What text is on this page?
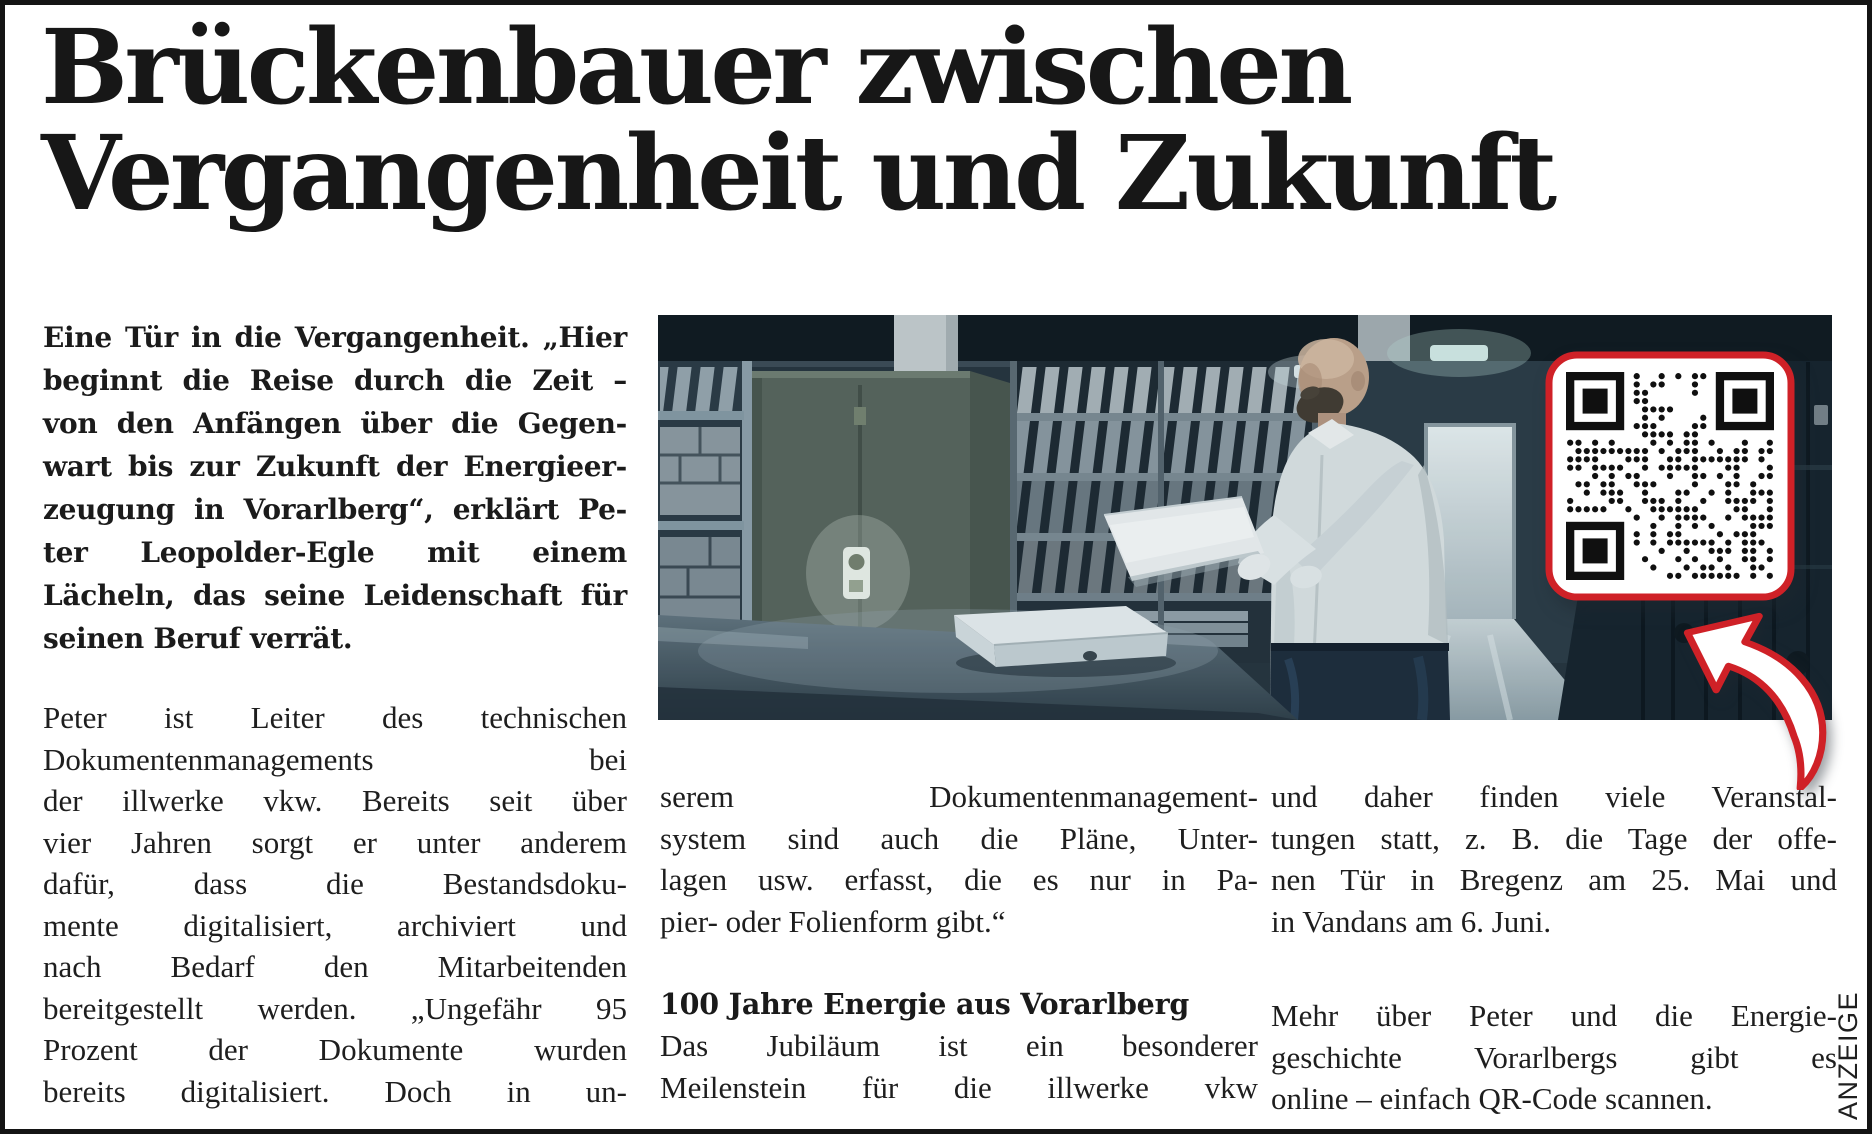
Brückenbauer zwischen
Vergangenheit und Zukunft
Eine Tür in die Vergangenheit. „Hier
beginnt die Reise durch die Zeit –
von den Anfängen über die Gegen-
wart bis zur Zukunft der Energieer-
zeugung in Vorarlberg“, erklärt Pe-
ter Leopolder-Egle mit einem
Lächeln, das seine Leidenschaft für
seinen Beruf verrät.
Peter ist Leiter des technischen
Dokumentenmanagements bei
der illwerke vkw. Bereits seit über
vier Jahren sorgt er unter anderem
dafür, dass die Bestandsdoku-
mente digitalisiert, archiviert und
nach Bedarf den Mitarbeitenden
bereitgestellt werden. „Ungefähr 95
Prozent der Dokumente wurden
bereits digitalisiert. Doch in un-
serem Dokumentenmanagement-
system sind auch die Pläne, Unter-
lagen usw. erfasst, die es nur in Pa-
pier- oder Folienform gibt.“
100 Jahre Energie aus Vorarlberg
Das Jubiläum ist ein besonderer
Meilenstein für die illwerke vkw
und daher finden viele Veranstal-
tungen statt, z. B. die Tage der offe-
nen Tür in Bregenz am 25. Mai und
in Vandans am 6. Juni.
Mehr über Peter und die Energie-
geschichte Vorarlbergs gibt es
online – einfach QR-Code scannen.	ANZEIGE
